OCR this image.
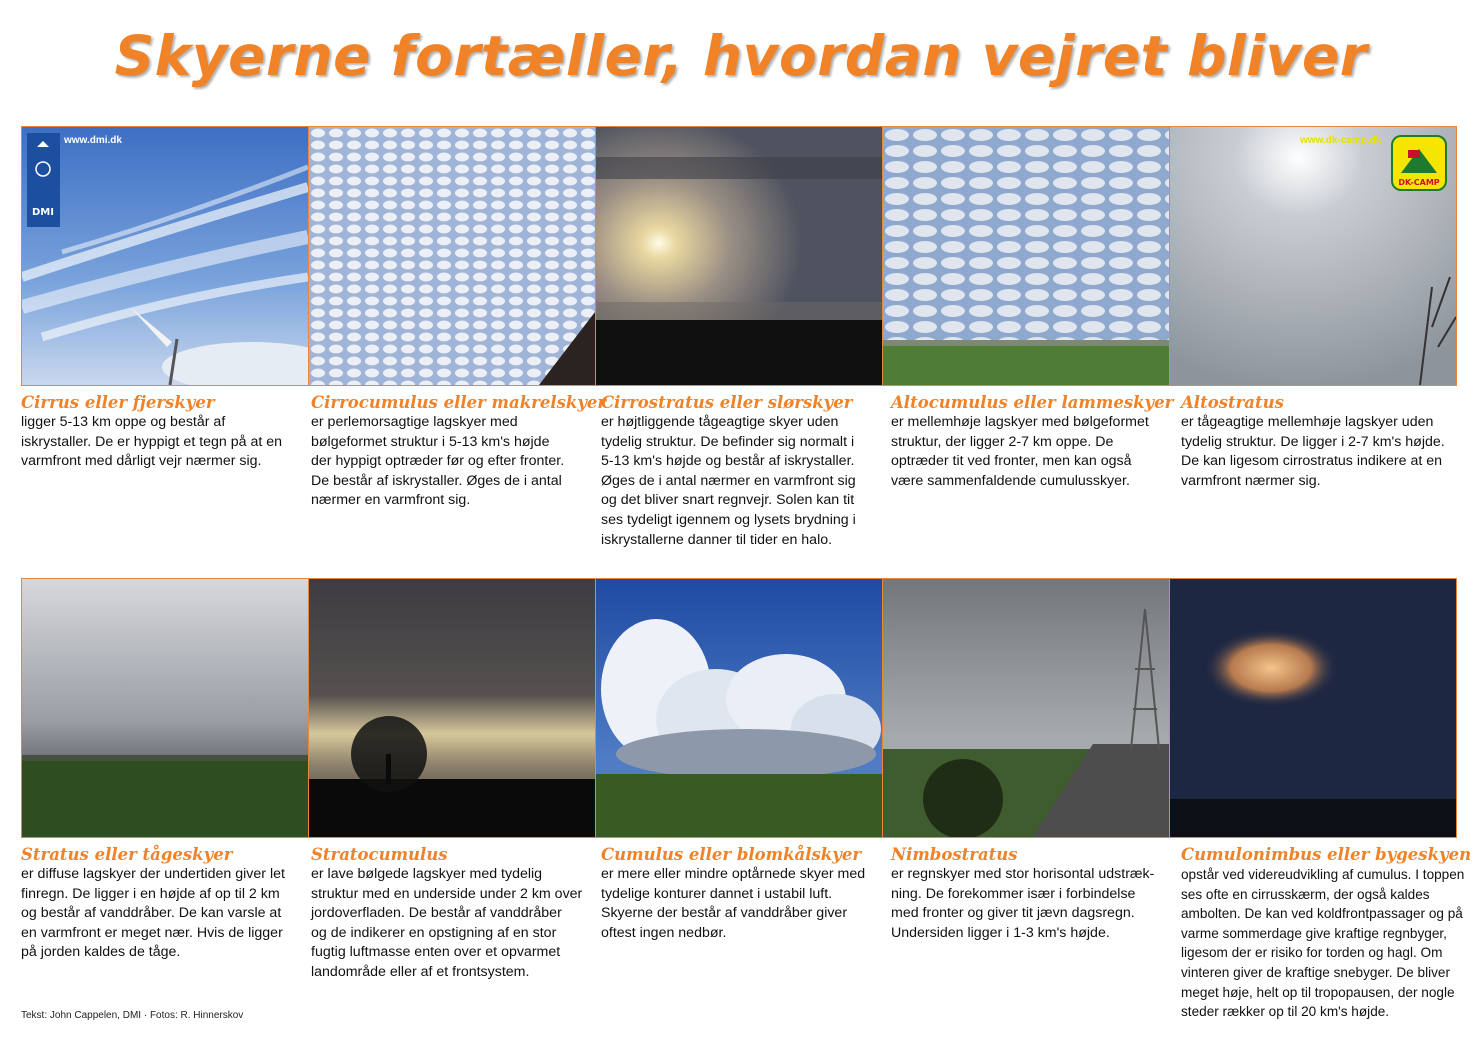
Skyerne fortæller, hvordan vejret bliver
DMI
www.dmi.dk	www.dk-camp.dk
DK-CAMP
Cirrus eller fjerskyer
ligger 5-13 km oppe og består af
iskrystaller. De er hyppigt et tegn på at en
varmfront med dårligt vejr nærmer sig.
Cirrocumulus eller makrelskyer
er perlemorsagtige lagskyer med
bølgeformet struktur i 5-13 km's højde
der hyppigt optræder før og efter fronter.
De består af iskrystaller. Øges de i antal
nærmer en varmfront sig.
Cirrostratus eller slørskyer
er højtliggende tågeagtige skyer uden
tydelig struktur. De befinder sig normalt i
5-13 km's højde og består af iskrystaller.
Øges de i antal nærmer en varmfront sig
og det bliver snart regnvejr. Solen kan tit
ses tydeligt igennem og lysets brydning i
iskrystallerne danner til tider en halo.
Altocumulus eller lammeskyer
er mellemhøje lagskyer med bølgeformet
struktur, der ligger 2-7 km oppe. De
optræder tit ved fronter, men kan også
være sammenfaldende cumulusskyer.
Altostratus
er tågeagtige mellemhøje lagskyer uden
tydelig struktur. De ligger i 2-7 km's højde.
De kan ligesom cirrostratus indikere at en
varmfront nærmer sig.
Stratus eller tågeskyer
er diffuse lagskyer der undertiden giver let
finregn. De ligger i en højde af op til 2 km
og består af vanddråber. De kan varsle at
en varmfront er meget nær. Hvis de ligger
på jorden kaldes de tåge.
Stratocumulus
er lave bølgede lagskyer med tydelig
struktur med en underside under 2 km over
jordoverfladen. De består af vanddråber
og de indikerer en opstigning af en stor
fugtig luftmasse enten over et opvarmet
landområde eller af et frontsystem.
Cumulus eller blomkålskyer
er mere eller mindre optårnede skyer med
tydelige konturer dannet i ustabil luft.
Skyerne der består af vanddråber giver
oftest ingen nedbør.
Nimbostratus
er regnskyer med stor horisontal udstræk-
ning. De forekommer især i forbindelse
med fronter og giver tit jævn dagsregn.
Undersiden ligger i 1-3 km's højde.
Cumulonimbus eller bygeskyen
opstår ved videreudvikling af cumulus. I toppen
ses ofte en cirrusskærm, der også kaldes
ambolten. De kan ved koldfrontpassager og på
varme sommerdage give kraftige regnbyger,
ligesom der er risiko for torden og hagl. Om
vinteren giver de kraftige snebyger. De bliver
meget høje, helt op til tropopausen, der nogle
steder rækker op til 20 km's højde.
Tekst: John Cappelen, DMI · Fotos: R. Hinnerskov
